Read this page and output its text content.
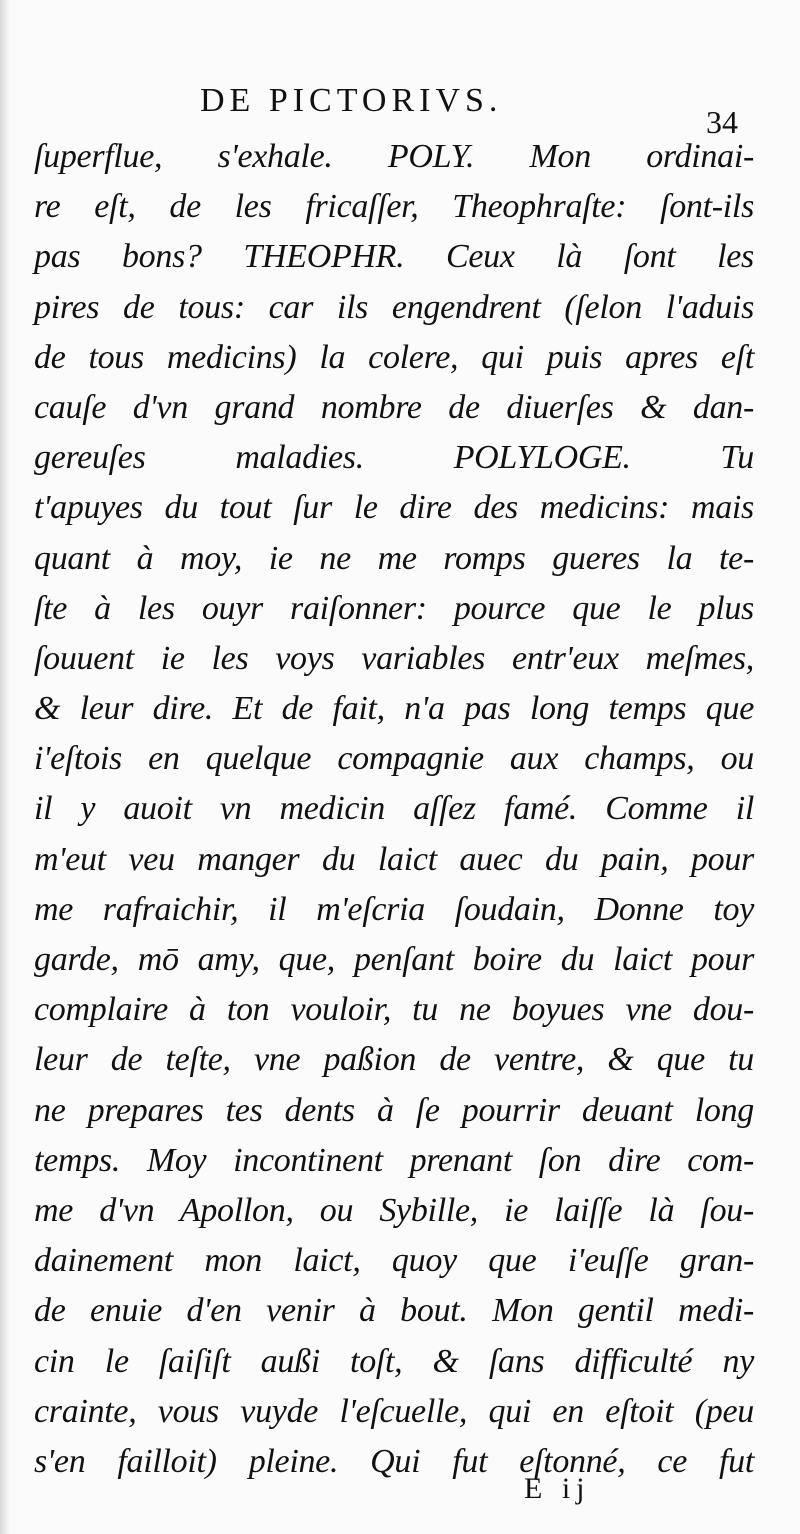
DE PICTORIVS.
34
ſuperflue, s'exhale. POLY. Mon ordinai-
re eſt, de les fricaſſer, Theophraſte: ſont-ils
pas bons? THEOPHR. Ceux là ſont les
pires de tous: car ils engendrent (ſelon l'aduis
de tous medicins) la colere, qui puis apres eſt
cauſe d'vn grand nombre de diuerſes & dan-
gereuſes maladies. POLYLOGE. Tu
t'apuyes du tout ſur le dire des medicins: mais
quant à moy, ie ne me romps gueres la te-
ſte à les ouyr raiſonner: pource que le plus
ſouuent ie les voys variables entr'eux meſmes,
& leur dire. Et de fait, n'a pas long temps que
i'eſtois en quelque compagnie aux champs, ou
il y auoit vn medicin aſſez famé. Comme il
m'eut veu manger du laict auec du pain, pour
me rafraichir, il m'eſcria ſoudain, Donne toy
garde, mō amy, que, penſant boire du laict pour
complaire à ton vouloir, tu ne boyues vne dou-
leur de teſte, vne paßion de ventre, & que tu
ne prepares tes dents à ſe pourrir deuant long
temps. Moy incontinent prenant ſon dire com-
me d'vn Apollon, ou Sybille, ie laiſſe là ſou-
dainement mon laict, quoy que i'euſſe gran-
de enuie d'en venir à bout. Mon gentil medi-
cin le ſaiſiſt außi toſt, & ſans difficulté ny
crainte, vous vuyde l'eſcuelle, qui en eſtoit (peu
s'en failloit) pleine. Qui fut eſtonné, ce fut
E ij
